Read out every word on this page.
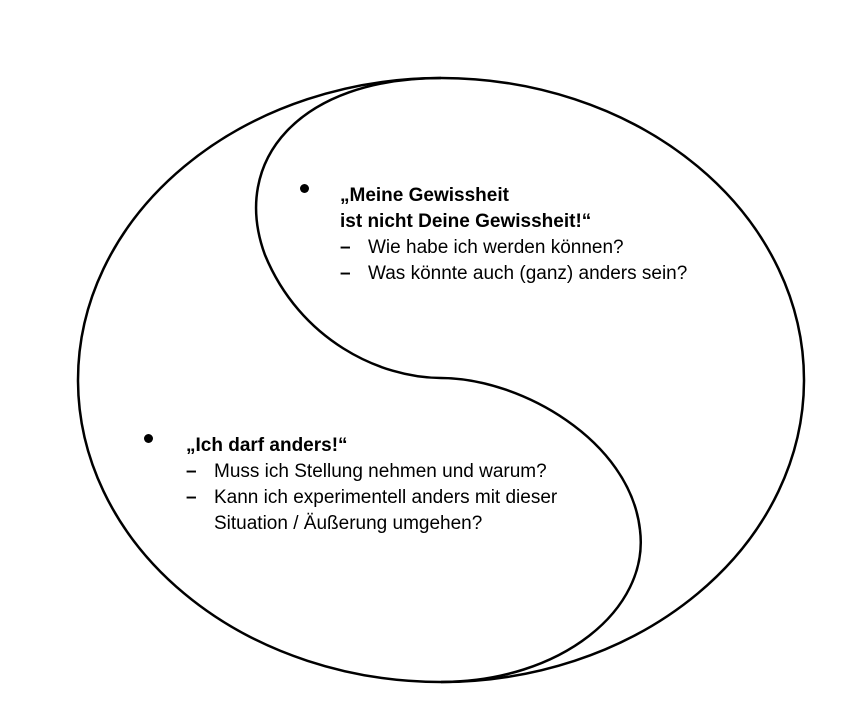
„Meine Gewissheit
ist nicht Deine Gewissheit!“

– Wie habe ich werden können?
– Was könnte auch (ganz) anders sein?

„Ich darf anders!“

– Muss ich Stellung nehmen und warum?
– Kann ich experimentell anders mit dieser Situation / Äußerung umgehen?
